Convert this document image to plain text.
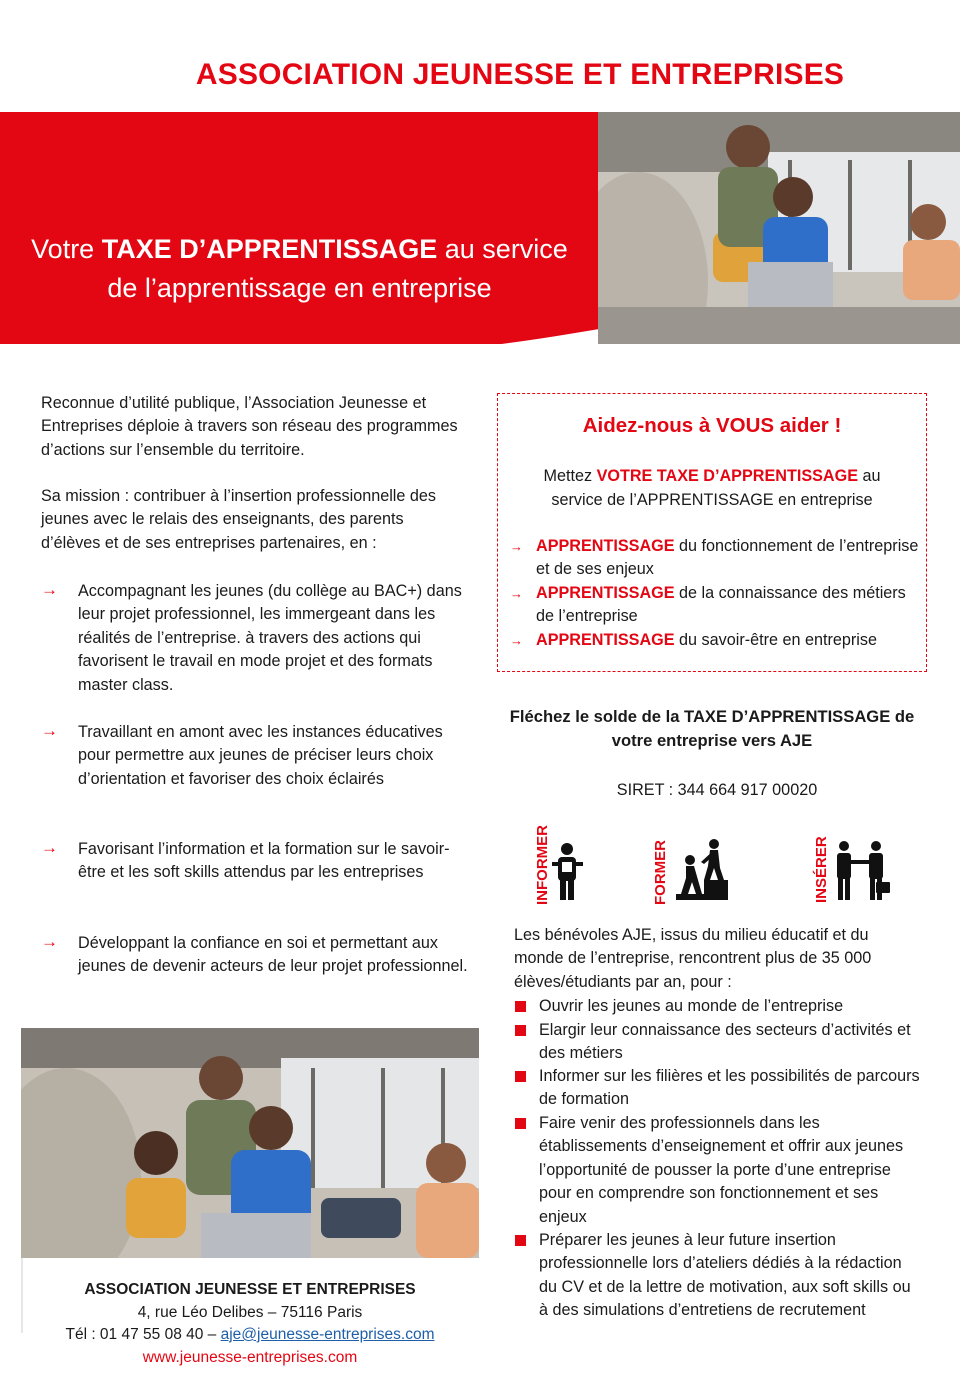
ASSOCIATION JEUNESSE ET ENTREPRISES
Votre TAXE D’APPRENTISSAGE au service
de l’apprentissage en entreprise
Reconnue d’utilité publique, l’Association Jeunesse et Entreprises déploie à travers son réseau des programmes d’actions sur l’ensemble du territoire.
Sa mission : contribuer à l’insertion professionnelle des jeunes avec le relais des enseignants, des parents d’élèves et de ses entreprises partenaires, en :
→ Accompagnant les jeunes (du collège au BAC+) dans leur projet professionnel, les immergeant dans les réalités de l’entreprise. à travers des actions qui favorisent le travail en mode projet et des formats master class.
→ Travaillant en amont avec les instances éducatives pour permettre aux jeunes de préciser leurs choix d’orientation et favoriser des choix éclairés
→ Favorisant l’information et la formation sur le savoir-être et les soft skills attendus par les entreprises
→ Développant la confiance en soi et permettant aux jeunes de devenir acteurs de leur projet professionnel.
Aidez-nous à VOUS aider !
Mettez VOTRE TAXE D’APPRENTISSAGE au service de l’APPRENTISSAGE en entreprise
→ APPRENTISSAGE du fonctionnement de l’entreprise et de ses enjeux
→ APPRENTISSAGE de la connaissance des métiers de l’entreprise
→ APPRENTISSAGE du savoir-être en entreprise
Fléchez le solde de la TAXE D’APPRENTISSAGE de votre entreprise vers AJE
SIRET : 344 664 917 00020
INFORMER	FORMER	INSÉRER
Les bénévoles AJE, issus du milieu éducatif et du monde de l’entreprise, rencontrent plus de 35 000 élèves/étudiants par an, pour :
Ouvrir les jeunes au monde de l’entreprise
Elargir leur connaissance des secteurs d’activités et des métiers
Informer sur les filières et les possibilités de parcours de formation
Faire venir des professionnels dans les établissements d’enseignement et offrir aux jeunes l’opportunité de pousser la porte d’une entreprise pour en comprendre son fonctionnement et ses enjeux
Préparer les jeunes à leur future insertion professionnelle lors d’ateliers dédiés à la rédaction du CV et de la lettre de motivation, aux soft skills ou à des simulations d’entretiens de recrutement
ASSOCIATION JEUNESSE ET ENTREPRISES
4, rue Léo Delibes – 75116 Paris
Tél : 01 47 55 08 40 – aje@jeunesse-entreprises.com
www.jeunesse-entreprises.com
